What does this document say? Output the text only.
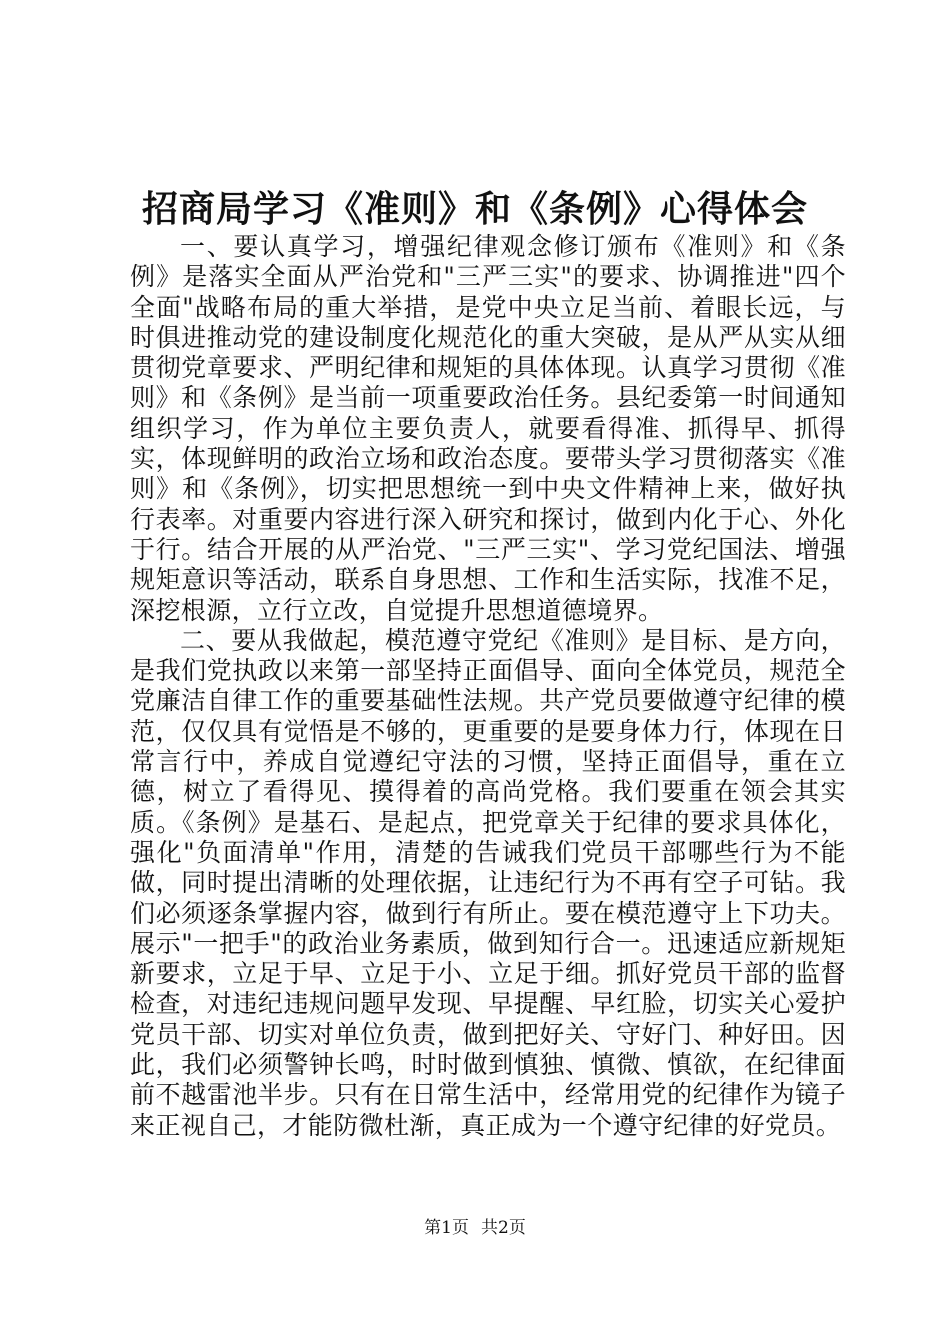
招商局学习《准则》和《条例》心得体会

一、要认真学习，增强纪律观念修订颁布《准则》和《条例》是落实全面从严治党和"三严三实"的要求、协调推进"四个全面"战略布局的重大举措，是党中央立足当前、着眼长远，与时俱进推动党的建设制度化规范化的重大突破，是从严从实从细贯彻党章要求、严明纪律和规矩的具体体现。认真学习贯彻《准则》和《条例》是当前一项重要政治任务。县纪委第一时间通知组织学习，作为单位主要负责人，就要看得准、抓得早、抓得实，体现鲜明的政治立场和政治态度。要带头学习贯彻落实《准则》和《条例》，切实把思想统一到中央文件精神上来，做好执行表率。对重要内容进行深入研究和探讨，做到内化于心、外化于行。结合开展的从严治党、"三严三实"、学习党纪国法、增强规矩意识等活动，联系自身思想、工作和生活实际，找准不足，深挖根源，立行立改，自觉提升思想道德境界。

二、要从我做起，模范遵守党纪《准则》是目标、是方向，是我们党执政以来第一部坚持正面倡导、面向全体党员，规范全党廉洁自律工作的重要基础性法规。共产党员要做遵守纪律的模范，仅仅具有觉悟是不够的，更重要的是要身体力行，体现在日常言行中，养成自觉遵纪守法的习惯，坚持正面倡导，重在立德，树立了看得见、摸得着的高尚党格。我们要重在领会其实质。《条例》是基石、是起点，把党章关于纪律的要求具体化，强化"负面清单"作用，清楚的告诫我们党员干部哪些行为不能做，同时提出清晰的处理依据，让违纪行为不再有空子可钻。我们必须逐条掌握内容，做到行有所止。要在模范遵守上下功夫。展示"一把手"的政治业务素质，做到知行合一。迅速适应新规矩新要求，立足于早、立足于小、立足于细。抓好党员干部的监督检查，对违纪违规问题早发现、早提醒、早红脸，切实关心爱护党员干部、切实对单位负责，做到把好关、守好门、种好田。因此，我们必须警钟长鸣，时时做到慎独、慎微、慎欲，在纪律面前不越雷池半步。只有在日常生活中，经常用党的纪律作为镜子来正视自己，才能防微杜渐，真正成为一个遵守纪律的好党员。

第1页 共2页
